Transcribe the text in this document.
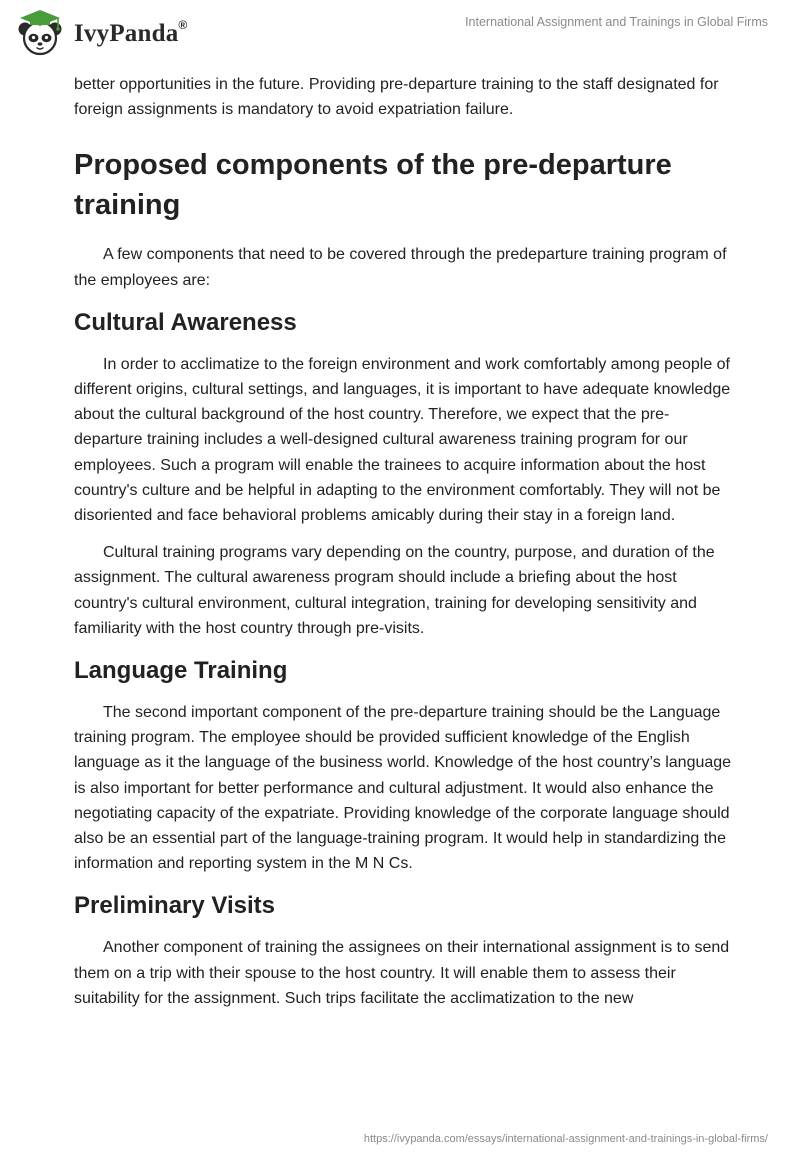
IvyPanda®	International Assignment and Trainings in Global Firms

better opportunities in the future. Providing pre-departure training to the staff designated for foreign assignments is mandatory to avoid expatriation failure.

Proposed components of the pre-departure training

A few components that need to be covered through the predeparture training program of the employees are:

Cultural Awareness

In order to acclimatize to the foreign environment and work comfortably among people of different origins, cultural settings, and languages, it is important to have adequate knowledge about the cultural background of the host country. Therefore, we expect that the pre-departure training includes a well-designed cultural awareness training program for our employees. Such a program will enable the trainees to acquire information about the host country's culture and be helpful in adapting to the environment comfortably. They will not be disoriented and face behavioral problems amicably during their stay in a foreign land.

Cultural training programs vary depending on the country, purpose, and duration of the assignment. The cultural awareness program should include a briefing about the host country's cultural environment, cultural integration, training for developing sensitivity and familiarity with the host country through pre-visits.

Language Training

The second important component of the pre-departure training should be the Language training program. The employee should be provided sufficient knowledge of the English language as it the language of the business world. Knowledge of the host country’s language is also important for better performance and cultural adjustment. It would also enhance the negotiating capacity of the expatriate. Providing knowledge of the corporate language should also be an essential part of the language-training program. It would help in standardizing the information and reporting system in the M N Cs.

Preliminary Visits

Another component of training the assignees on their international assignment is to send them on a trip with their spouse to the host country. It will enable them to assess their suitability for the assignment. Such trips facilitate the acclimatization to the new

https://ivypanda.com/essays/international-assignment-and-trainings-in-global-firms/
